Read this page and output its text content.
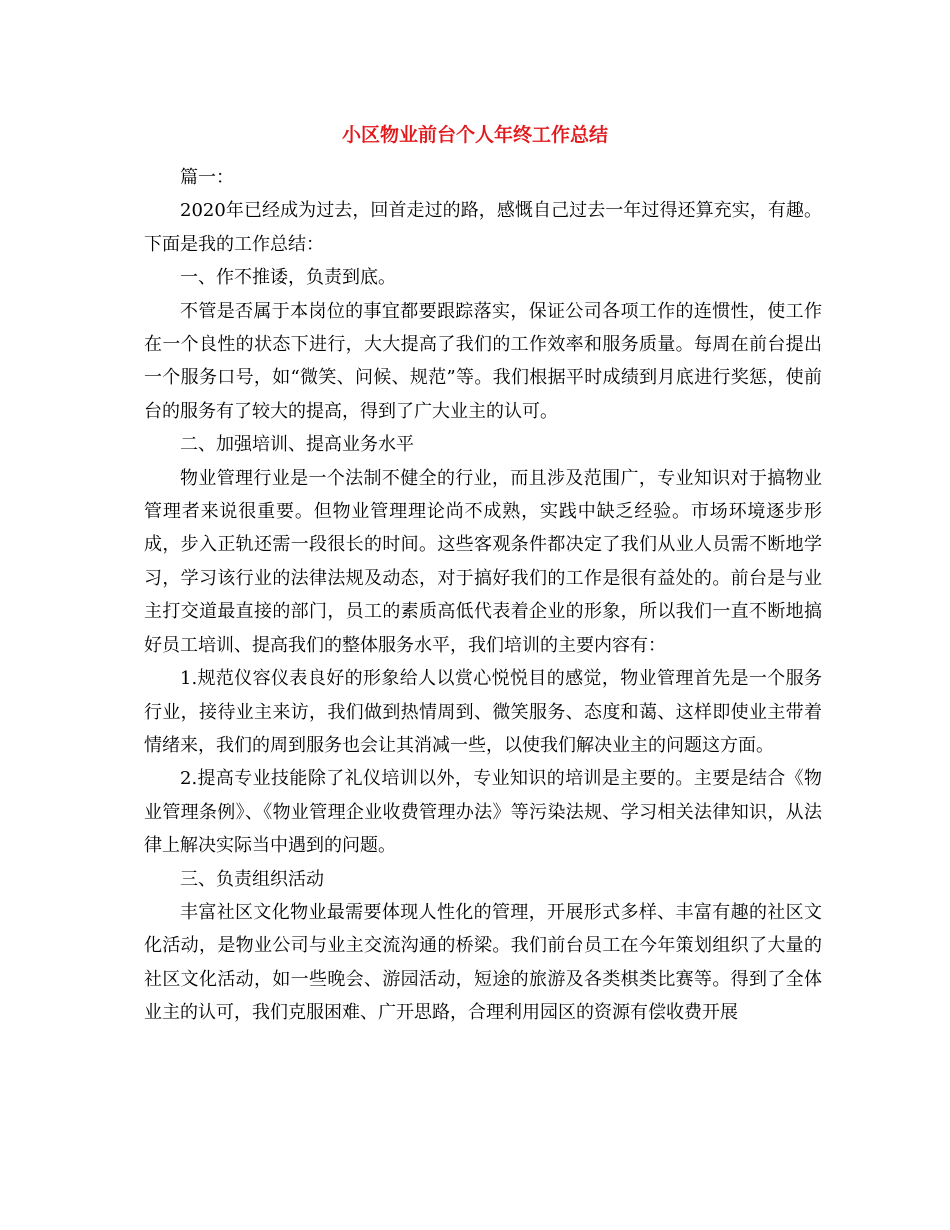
小区物业前台个人年终工作总结

篇一：

2020年已经成为过去，回首走过的路，感慨自己过去一年过得还算充实，有趣。下面是我的工作总结：

一、作不推诿，负责到底。

不管是否属于本岗位的事宜都要跟踪落实，保证公司各项工作的连惯性，使工作在一个良性的状态下进行，大大提高了我们的工作效率和服务质量。每周在前台提出一个服务口号，如“微笑、问候、规范”等。我们根据平时成绩到月底进行奖惩，使前台的服务有了较大的提高，得到了广大业主的认可。

二、加强培训、提高业务水平

物业管理行业是一个法制不健全的行业，而且涉及范围广，专业知识对于搞物业管理者来说很重要。但物业管理理论尚不成熟，实践中缺乏经验。市场环境逐步形成，步入正轨还需一段很长的时间。这些客观条件都决定了我们从业人员需不断地学习，学习该行业的法律法规及动态，对于搞好我们的工作是很有益处的。前台是与业主打交道最直接的部门，员工的素质高低代表着企业的形象，所以我们一直不断地搞好员工培训、提高我们的整体服务水平，我们培训的主要内容有：

1.规范仪容仪表良好的形象给人以赏心悦悦目的感觉，物业管理首先是一个服务行业，接待业主来访，我们做到热情周到、微笑服务、态度和蔼、这样即使业主带着情绪来，我们的周到服务也会让其消减一些，以使我们解决业主的问题这方面。

2.提高专业技能除了礼仪培训以外，专业知识的培训是主要的。主要是结合《物业管理条例》、《物业管理企业收费管理办法》等污染法规、学习相关法律知识，从法律上解决实际当中遇到的问题。

三、负责组织活动

丰富社区文化物业最需要体现人性化的管理，开展形式多样、丰富有趣的社区文化活动，是物业公司与业主交流沟通的桥梁。我们前台员工在今年策划组织了大量的社区文化活动，如一些晚会、游园活动，短途的旅游及各类棋类比赛等。得到了全体业主的认可，我们克服困难、广开思路，合理利用园区的资源有偿收费开展
